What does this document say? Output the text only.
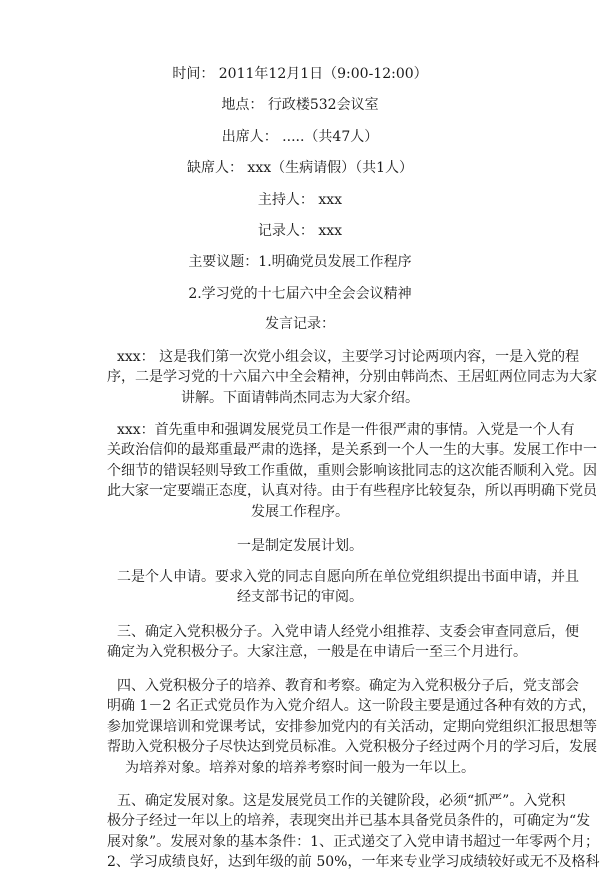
时间： 2011年12月1日（9:00-12:00）
地点： 行政楼532会议室
出席人： .....（共47人）
缺席人： xxx（生病请假）（共1人）
主持人： xxx
记录人： xxx
主要议题：1.明确党员发展工作程序
2.学习党的十七届六中全会会议精神
发言记录：
xxx： 这是我们第一次党小组会议，主要学习讨论两项内容，一是入党的程
序，二是学习党的十六届六中全会精神，分别由韩尚杰、王居虹两位同志为大家
讲解。下面请韩尚杰同志为大家介绍。
xxx：首先重申和强调发展党员工作是一件很严肃的事情。入党是一个人有
关政治信仰的最郑重最严肃的选择，是关系到一个人一生的大事。发展工作中一
个细节的错误轻则导致工作重做，重则会影响该批同志的这次能否顺利入党。因
此大家一定要端正态度，认真对待。由于有些程序比较复杂，所以再明确下党员
发展工作程序。
一是制定发展计划。
二是个人申请。要求入党的同志自愿向所在单位党组织提出书面申请，并且
经支部书记的审阅。
三、确定入党积极分子。入党申请人经党小组推荐、支委会审查同意后，便
确定为入党积极分子。大家注意，一般是在申请后一至三个月进行。
四、入党积极分子的培养、教育和考察。确定为入党积极分子后，党支部会
明确 1－2 名正式党员作为入党介绍人。这一阶段主要是通过各种有效的方式，
参加党课培训和党课考试，安排参加党内的有关活动，定期向党组织汇报思想等
帮助入党积极分子尽快达到党员标准。入党积极分子经过两个月的学习后，发展
为培养对象。培养对象的培养考察时间一般为一年以上。
五、确定发展对象。这是发展党员工作的关键阶段，必须“抓严”。入党积
极分子经过一年以上的培养，表现突出并已基本具备党员条件的，可确定为“发
展对象”。发展对象的基本条件：1、正式递交了入党申请书超过一年零两个月；
2、学习成绩良好，达到年级的前 50%，一年来专业学习成绩较好或无不及格科
